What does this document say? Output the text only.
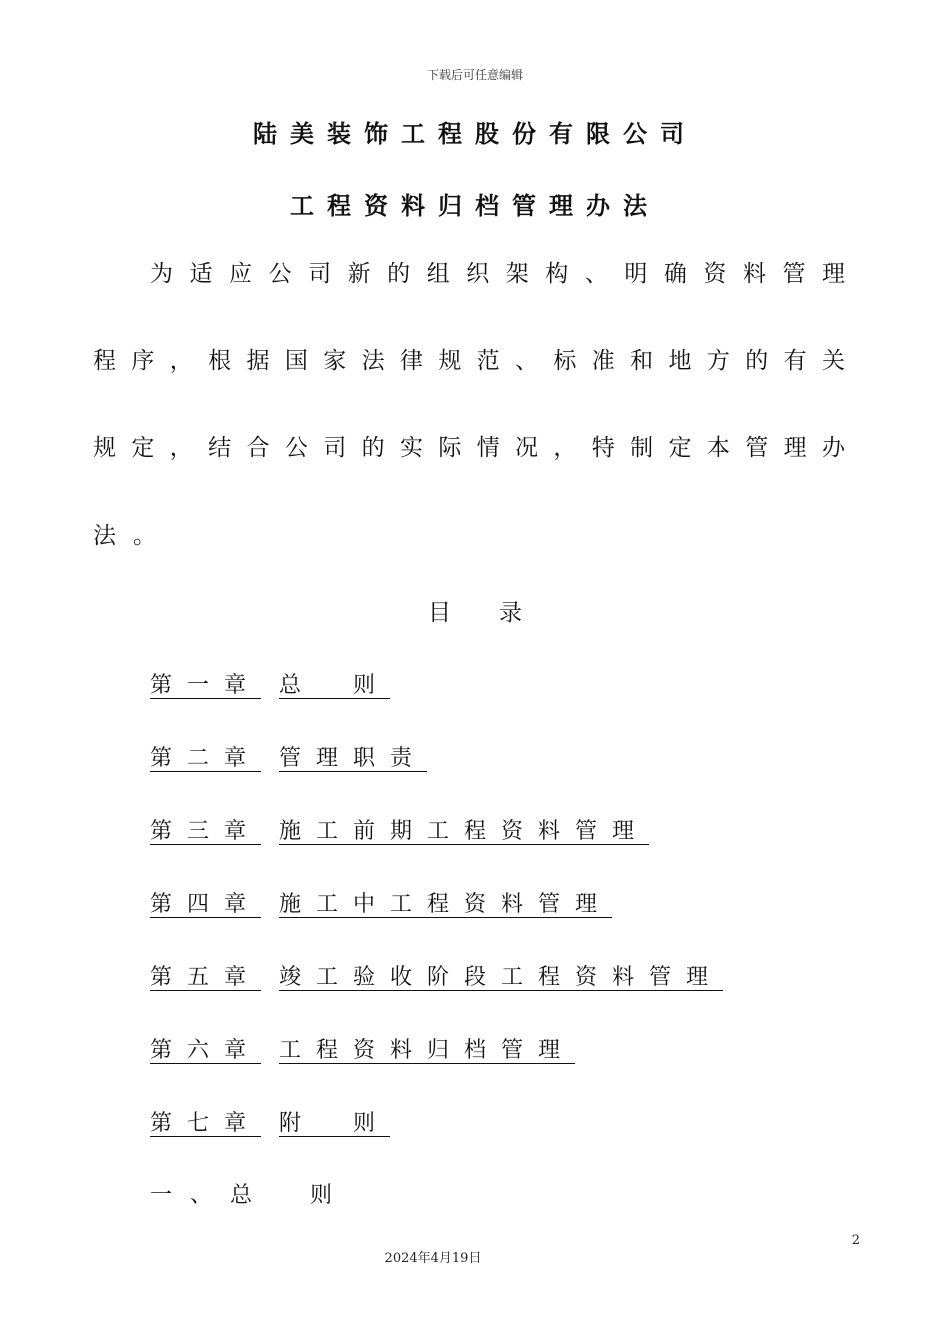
下载后可任意编辑
陆美装饰工程股份有限公司
工程资料归档管理办法
为适应公司新的组织架构、明确资料管理
程序，根据国家法律规范、标准和地方的有关
规定，结合公司的实际情况，特制定本管理办
法。
目录
第一章 总　则
第二章 管理职责
第三章 施工前期工程资料管理
第四章 施工中工程资料管理
第五章 竣工验收阶段工程资料管理
第六章 工程资料归档管理
第七章 附　则
一、总　则
2
2024年4月19日
